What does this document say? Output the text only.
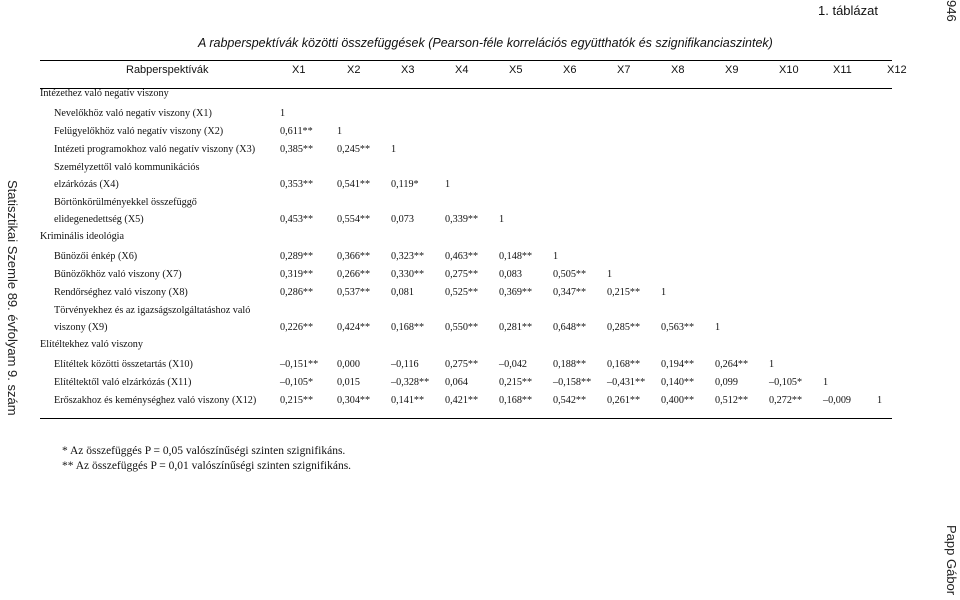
Statisztikai Szemle 89. évfolyam 9. szám
Papp Gábor
946
1. táblázat
A rabperspektívák közötti összefüggések (Pearson-féle korrelációs együtthatók és szignifikanciaszintek)
Rabperspektívák	X1	X2	X3	X4	X5	X6	X7	X8	X9	X10	X11	X12
Intézethez való negatív viszony												
Nevelőkhöz való negatív viszony (X1)	1											
Felügyelőkhöz való negatív viszony (X2)	0,611**	1										
Intézeti programokhoz való negatív viszony (X3)	0,385**	0,245**	1									
Személyzettől való kommunikációs												
elzárkózás (X4)	0,353**	0,541**	0,119*	1								
Börtönkörülményekkel összefüggő												
elidegenedettség (X5)	0,453**	0,554**	0,073	0,339**	1							
Kriminális ideológia												
Bűnözői énkép (X6)	0,289**	0,366**	0,323**	0,463**	0,148**	1						
Bűnözőkhöz való viszony (X7)	0,319**	0,266**	0,330**	0,275**	0,083	0,505**	1					
Rendőrséghez való viszony (X8)	0,286**	0,537**	0,081	0,525**	0,369**	0,347**	0,215**	1				
Törvényekhez és az igazságszolgáltatáshoz való												
viszony (X9)	0,226**	0,424**	0,168**	0,550**	0,281**	0,648**	0,285**	0,563**	1			
Elítéltekhez való viszony												
Elítéltek közötti összetartás (X10)	–0,151**	0,000	–0,116	0,275**	–0,042	0,188**	0,168**	0,194**	0,264**	1		
Elítéltektől való elzárkózás (X11)	–0,105*	0,015	–0,328**	0,064	0,215**	–0,158**	–0,431**	0,140**	0,099	–0,105*	1	
Erőszakhoz és keménységhez való viszony (X12)	0,215**	0,304**	0,141**	0,421**	0,168**	0,542**	0,261**	0,400**	0,512**	0,272**	–0,009	1
* Az összefüggés P = 0,05 valószínűségi szinten szignifikáns.
** Az összefüggés P = 0,01 valószínűségi szinten szignifikáns.
